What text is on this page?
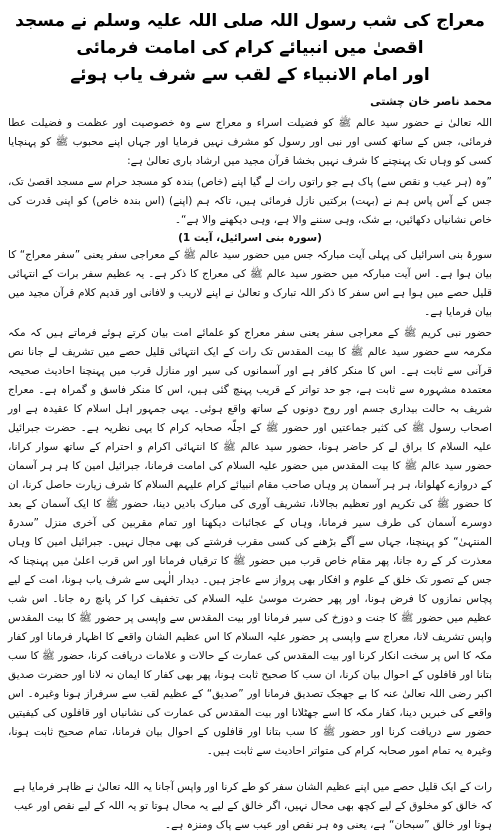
معراج کی شب رسول اللہ صلی اللہ علیہ وسلم نے مسجد اقصیٰ میں انبیائے کرام کی امامت فرمائی
اور امام الانبیاء کے لقب سے شرف یاب ہوئے
محمد ناصر خان چشتی

اللہ تعالیٰ نے حضور سید عالم ﷺ کو فضیلت اسراء و معراج سے وہ خصوصیت اور عظمت و فضیلت عطا فرمائی، جس کے ساتھ کسی اور نبی اور رسول کو مشرف نہیں فرمایا اور جہاں اپنے محبوب ﷺ کو پہنچایا کسی کو وہاں تک پہنچنے کا شرف نہیں بخشا قرآن مجید میں ارشاد باری تعالیٰ ہے:

”وہ (ہر عیب و نقص سے) پاک ہے جو راتوں رات لے گیا اپنے (خاص) بندہ کو مسجد حرام سے مسجد اقصیٰ تک، جس کے آس پاس ہم نے (بہت) برکتیں نازل فرمائی ہیں، تاکہ ہم (اپنے) (اس بندہ خاص) کو اپنی قدرت کی خاص نشانیاں دکھائیں، بے شک، وہی سننے والا ہے، وہی دیکھنے والا ہے“۔

(سورہ بنی اسرائیل، آیت 1)

سورۂ بنی اسرائیل کی پہلی آیت مبارکہ جس میں حضور سید عالم ﷺ کے معراجی سفر یعنی ”سفر معراج“ کا بیان ہوا ہے۔ اس آیت مبارکہ میں حضور سید عالم ﷺ کی معراج کا ذکر ہے۔ یہ عظیم سفر برات کے انتہائی قلیل حصے میں ہوا ہے اس سفر کا ذکر اللہ تبارک و تعالیٰ نے اپنے لاریب و لافانی اور قدیم کلام قرآن مجید میں بیان فرمایا ہے۔

حضور نبی کریم ﷺ کے معراجی سفر یعنی سفر معراج کو علمائے امت بیان کرتے ہوئے فرماتے ہیں کہ مکہ مکرمہ سے حضور سید عالم ﷺ کا بیت المقدس تک رات کے ایک انتہائی قلیل حصے میں تشریف لے جانا نص قرآنی سے ثابت ہے۔ اس کا منکر کافر ہے اور آسمانوں کی سیر اور منازل قرب میں پہنچنا احادیث صحیحہ معتمدہ مشہورہ سے ثابت ہے، جو حد تواتر کے قریب پہنچ گئی ہیں، اس کا منکر فاسق و گمراہ ہے۔ معراج شریف بہ حالت بیداری جسم اور روح دونوں کے ساتھ واقع ہوئی۔ یہی جمہور اہل اسلام کا عقیدہ ہے اور اصحاب رسول ﷺ کی کثیر جماعتیں اور حضور ﷺ کے اجلّہ صحابہ کرام کا یہی نظریہ ہے۔ حضرت جبرائیل علیہ السلام کا براق لے کر حاضر ہونا، حضور سید عالم ﷺ کا انتہائی اکرام و احترام کے ساتھ سوار کرانا، حضور سید عالم ﷺ کا بیت المقدس میں حضور علیہ السلام کی امامت فرمانا، جبرائیل امین کا ہر ہر آسمان کے دروازے کھلوانا، ہر ہر آسمان پر وہاں صاحب مقام انبیائے کرام علیہم السلام کا شرف زیارت حاصل کرنا، ان کا حضور ﷺ کی تکریم اور تعظیم بجالانا، تشریف آوری کی مبارک بادیں دینا، حضور ﷺ کا ایک آسمان کے بعد دوسرے آسمان کی طرف سیر فرمانا، وہاں کے عجائبات دیکھنا اور تمام مقربین کی آخری منزل ”سدرۃ المنتہیٰ“ کو پہنچنا، جہاں سے آگے بڑھنے کی کسی مقرب فرشتے کی بھی مجال نہیں۔ جبرائیل امین کا وہاں معذرت کر کے رہ جانا، پھر مقام خاص قرب میں حضور ﷺ کا ترقیاں فرمانا اور اس قرب اعلیٰ میں پہنچنا کہ جس کے تصور تک خلق کے علوم و افکار بھی پرواز سے عاجز ہیں۔ دیدار الٰہی سے شرف یاب ہونا، امت کے لیے پچاس نمازوں کا فرض ہونا، اور پھر حضرت موسیٰ علیہ السلام کی تخفیف کرا کر پانچ رہ جانا۔ اس شب عظیم میں حضور ﷺ کا جنت و دوزخ کی سیر فرمانا اور بیت المقدس سے واپسی پر حضور ﷺ کا بیت المقدس واپس تشریف لانا، معراج سے واپسی پر حضور علیہ السلام کا اس عظیم الشان واقعے کا اظہار فرمانا اور کفار مکہ کا اس پر سخت انکار کرنا اور بیت المقدس کی عمارت کے حالات و علامات دریافت کرنا، حضور ﷺ کا سب بتانا اور قافلوں کے احوال بیان کرنا، ان سب کا صحیح ثابت ہونا، پھر بھی کفار کا ایمان نہ لانا اور حضرت صدیق اکبر رضی اللہ تعالیٰ عنہ کا بے جھجک تصدیق فرمانا اور ”صدیق“ کے عظیم لقب سے سرفراز ہونا وغیرہ۔ اس واقعے کی خبریں دینا، کفار مکہ کا اسے جھٹلانا اور بیت المقدس کی عمارت کی نشانیاں اور قافلوں کی کیفیتیں حضور سے دریافت کرنا اور حضور ﷺ کا سب بتانا اور قافلوں کے احوال بیان فرمانا، تمام صحیح ثابت ہونا، وغیرہ یہ تمام امور صحابہ کرام کی متواتر احادیث سے ثابت ہیں۔

رات کے ایک قلیل حصے میں اپنے عظیم الشان سفر کو طے کرنا اور واپس آجانا یہ اللہ تعالیٰ نے ظاہر فرمایا ہے کہ خالق کو مخلوق کے لیے کچھ بھی محال نہیں، اگر خالق کے لیے یہ محال ہوتا تو یہ اللہ کے لیے نقص اور عیب ہوتا اور خالق ”سبحان“ ہے، یعنی وہ ہر نقص اور عیب سے پاک ومنزہ ہے۔
